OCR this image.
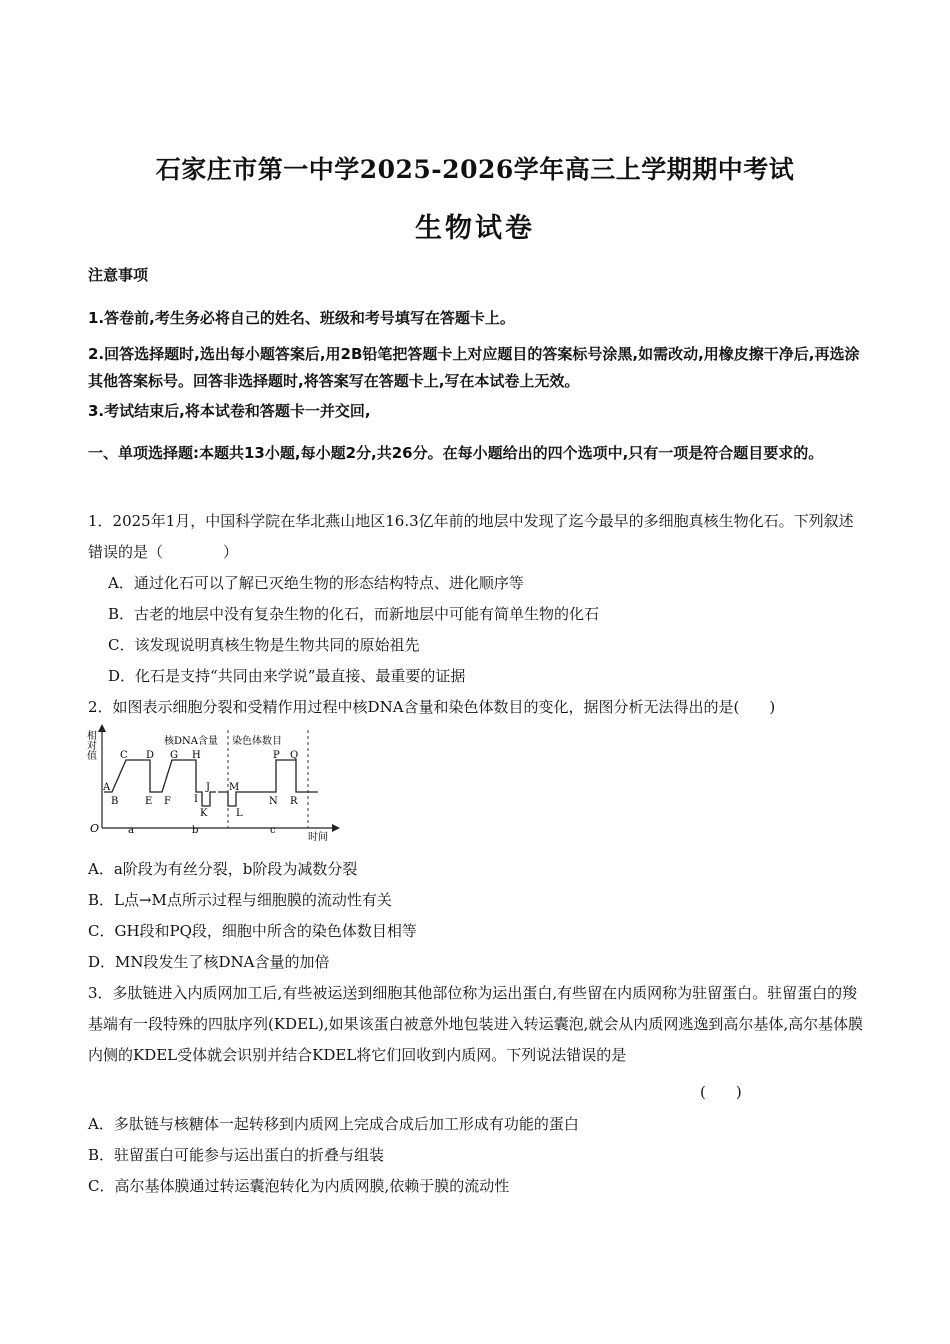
石家庄市第一中学2025-2026学年高三上学期期中考试
生物试卷
注意事项
1.答卷前,考生务必将自己的姓名、班级和考号填写在答题卡上。
2.回答选择题时,选出每小题答案后,用2B铅笔把答题卡上对应题目的答案标号涂黑,如需改动,用橡皮擦干净后,再选涂其他答案标号。回答非选择题时,将答案写在答题卡上,写在本试卷上无效。
3.考试结束后,将本试卷和答题卡一并交回,
一、单项选择题:本题共13小题,每小题2分,共26分。在每小题给出的四个选项中,只有一项是符合题目要求的。
1．2025年1月，中国科学院在华北燕山地区16.3亿年前的地层中发现了迄今最早的多细胞真核生物化石。下列叙述错误的是（　　　　）
A．通过化石可以了解已灭绝生物的形态结构特点、进化顺序等
B．古老的地层中没有复杂生物的化石，而新地层中可能有简单生物的化石
C．该发现说明真核生物是生物共同的原始祖先
D．化石是支持“共同由来学说”最直接、最重要的证据
2．如图表示细胞分裂和受精作用过程中核DNA含量和染色体数目的变化，据图分析无法得出的是(　　)
相对值
时间
O
核DNA含量 染色体数目
A
B
C D
E F
G H
I
J
K	L
M
N
P Q
R
a	b	c
A．a阶段为有丝分裂，b阶段为减数分裂
B．L点→M点所示过程与细胞膜的流动性有关
C．GH段和PQ段，细胞中所含的染色体数目相等
D．MN段发生了核DNA含量的加倍
3．多肽链进入内质网加工后,有些被运送到细胞其他部位称为运出蛋白,有些留在内质网称为驻留蛋白。驻留蛋白的羧基端有一段特殊的四肽序列(KDEL),如果该蛋白被意外地包装进入转运囊泡,就会从内质网逃逸到高尔基体,高尔基体膜内侧的KDEL受体就会识别并结合KDEL将它们回收到内质网。下列说法错误的是
(　　)
A．多肽链与核糖体一起转移到内质网上完成合成后加工形成有功能的蛋白
B．驻留蛋白可能参与运出蛋白的折叠与组装
C．高尔基体膜通过转运囊泡转化为内质网膜,依赖于膜的流动性
